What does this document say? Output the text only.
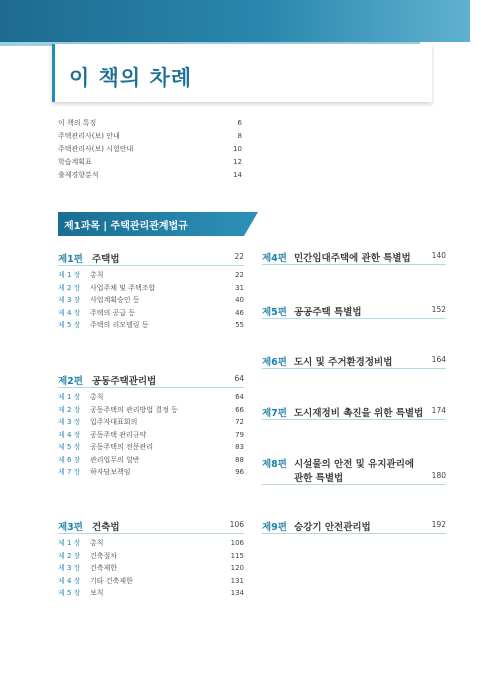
이 책의 차례
이 책의 특징	6
주택관리사(보) 안내	8
주택관리사(보) 시험안내	10
학습계획표	12
출제경향분석	14
제1과목 | 주택관리관계법규
제1편 주택법	22
제 1 장 총칙	22
제 2 장 사업주체 및 주택조합	31
제 3 장 사업계획승인 등	40
제 4 장 주택의 공급 등	46
제 5 장 주택의 리모델링 등	55
제2편 공동주택관리법	64
제 1 장 총칙	64
제 2 장 공동주택의 관리방법 결정 등	66
제 3 장 입주자대표회의	72
제 4 장 공동주택 관리규약	79
제 5 장 공동주택의 전문관리	83
제 6 장 관리업무의 일반	88
제 7 장 하자담보책임	96
제3편 건축법	106
제 1 장 총칙	106
제 2 장 건축절차	115
제 3 장 건축제한	120
제 4 장 기타 건축제한	131
제 5 장 보칙	134
제4편 민간임대주택에 관한 특별법	140
제5편 공공주택 특별법	152
제6편 도시 및 주거환경정비법	164
제7편 도시재정비 촉진을 위한 특별법 174
제8편 시설물의 안전 및 유지관리에
관한 특별법	180
제9편 승강기 안전관리법	192
